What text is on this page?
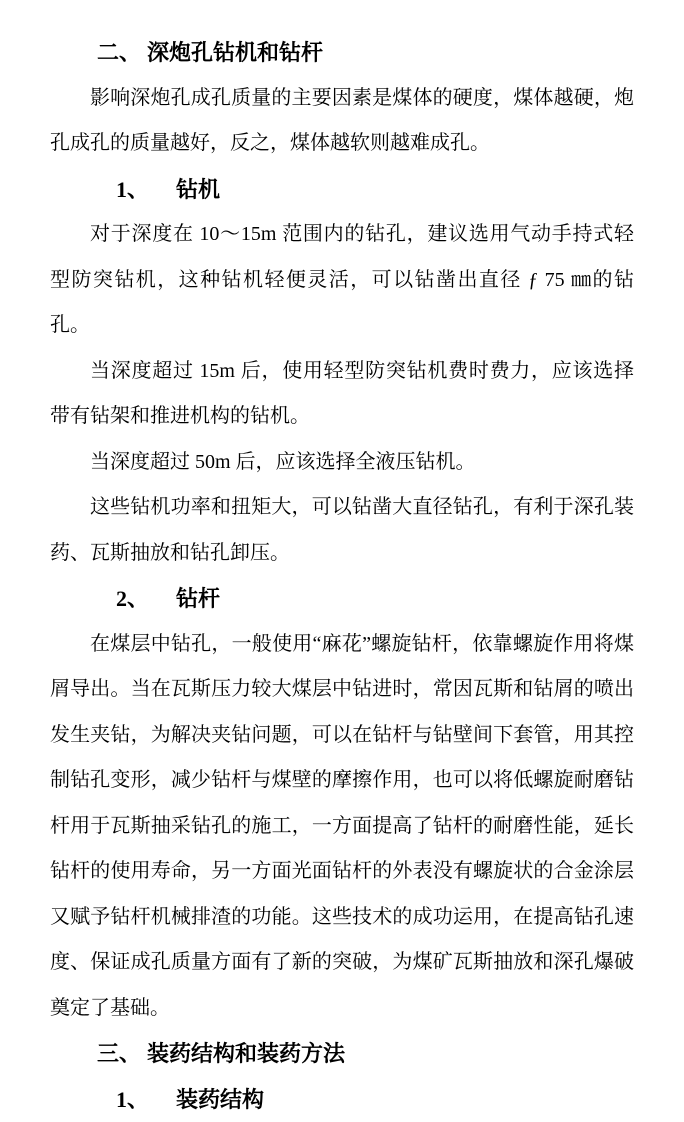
二、 深炮孔钻机和钻杆

影响深炮孔成孔质量的主要因素是煤体的硬度，煤体越硬，炮孔成孔的质量越好，反之，煤体越软则越难成孔。

1、 钻机

对于深度在 10～15m 范围内的钻孔，建议选用气动手持式轻型防突钻机，这种钻机轻便灵活，可以钻凿出直径 ƒ 75 ㎜的钻孔。

当深度超过 15m 后，使用轻型防突钻机费时费力，应该选择带有钻架和推进机构的钻机。

当深度超过 50m 后，应该选择全液压钻机。

这些钻机功率和扭矩大，可以钻凿大直径钻孔，有利于深孔装药、瓦斯抽放和钻孔卸压。

2、 钻杆

在煤层中钻孔，一般使用“麻花”螺旋钻杆，依靠螺旋作用将煤屑导出。当在瓦斯压力较大煤层中钻进时，常因瓦斯和钻屑的喷出发生夹钻，为解决夹钻问题，可以在钻杆与钻壁间下套管，用其控制钻孔变形，减少钻杆与煤壁的摩擦作用，也可以将低螺旋耐磨钻杆用于瓦斯抽采钻孔的施工，一方面提高了钻杆的耐磨性能，延长钻杆的使用寿命，另一方面光面钻杆的外表没有螺旋状的合金涂层又赋予钻杆机械排渣的功能。这些技术的成功运用，在提高钻孔速度、保证成孔质量方面有了新的突破，为煤矿瓦斯抽放和深孔爆破奠定了基础。

三、 装药结构和装药方法
1、 装药结构
